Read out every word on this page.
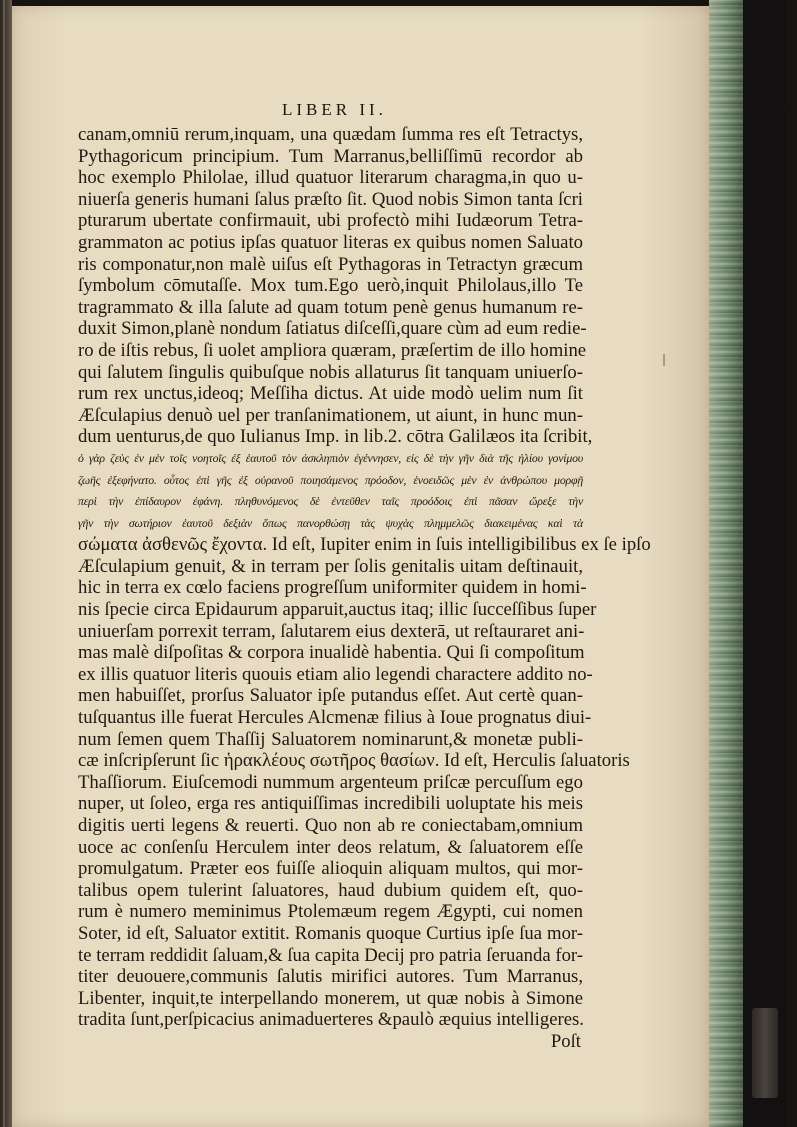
LIBER II.	781
canam,omniū rerum,inquam, una quædam ſumma res eſt Tetractys,
Pythagoricum principium. Tum Marranus,belliſſimū recordor ab
hoc exemplo Philolae, illud quatuor literarum charagma,in quo u-
niuerſa generis humani ſalus præſto ſit. Quod nobis Simon tanta ſcri
pturarum ubertate confirmauit, ubi profectò mihi Iudæorum Tetra-
grammaton ac potius ipſas quatuor literas ex quibus nomen Saluato
ris componatur,non malè uiſus eſt Pythagoras in Tetractyn græcum
ſymbolum cōmutaſſe. Mox tum.Ego uerò,inquit Philolaus,illo Te
tragrammato & illa ſalute ad quam totum penè genus humanum re-
duxit Simon,planè nondum ſatiatus diſceſſi,quare cùm ad eum redie-
ro de iſtis rebus, ſi uolet ampliora quæram, præſertim de illo homine
qui ſalutem ſingulis quibuſque nobis allaturus ſit tanquam uniuerſo-
rum rex unctus,ideoq; Meſſiha dictus. At uide modò uelim num ſit
Æſculapius denuò uel per tranſanimationem, ut aiunt, in hunc mun-
dum uenturus,de quo Iulianus Imp. in lib.2. cōtra Galilæos ita ſcribit,
ὁ γὰρ ζεὺς ἐν μὲν τοῖς νοητοῖς ἐξ ἑαυτοῦ τὸν ἀσκληπιὸν ἐγέννησεν, εἰς δὲ τὴν γῆν διὰ τῆς ἡλίου γονίμου
ζωῆς ἐξεφήνατο. οὗτος ἐπὶ γῆς ἐξ οὐρανοῦ ποιησάμενος πρόοδον, ἑνοειδῶς μὲν ἐν ἀνθρώπου μορφῇ
περὶ τὴν ἐπίδαυρον ἐφάνη. πληθυνόμενος δὲ ἐντεῦθεν ταῖς προόδοις ἐπὶ πᾶσαν ὤρεξε τὴν
γῆν τὴν σωτήριον ἑαυτοῦ δεξιὰν ὅπως πανορθώσῃ τὰς ψυχὰς πλημμελῶς διακειμένας καὶ τὰ
σώματα ἀσθενῶς ἔχοντα. Id eſt, Iupiter enim in ſuis intelligibilibus ex ſe ipſo
Æſculapium genuit, & in terram per ſolis genitalis uitam deſtinauit,
hic in terra ex cœlo faciens progreſſum uniformiter quidem in homi-
nis ſpecie circa Epidaurum apparuit,auctus itaq; illic ſucceſſibus ſuper
uniuerſam porrexit terram, ſalutarem eius dexterā, ut reſtauraret ani-
mas malè diſpoſitas & corpora inualidè habentia. Qui ſi compoſitum
ex illis quatuor literis quouis etiam alio legendi charactere addito no-
men habuiſſet, prorſus Saluator ipſe putandus eſſet. Aut certè quan-
tuſquantus ille fuerat Hercules Alcmenæ filius à Ioue prognatus diui-
num ſemen quem Thaſſij Saluatorem nominarunt,& monetæ publi-
cæ inſcripſerunt ſic ἡρακλέους σωτῆρος θασίων. Id eſt, Herculis ſaluatoris
Thaſſiorum. Eiuſcemodi nummum argenteum priſcæ percuſſum ego
nuper, ut ſoleo, erga res antiquiſſimas incredibili uoluptate his meis
digitis uerti legens & reuerti. Quo non ab re coniectabam,omnium
uoce ac conſenſu Herculem inter deos relatum, & ſaluatorem eſſe
promulgatum. Præter eos fuiſſe alioquin aliquam multos, qui mor-
talibus opem tulerint ſaluatores, haud dubium quidem eſt, quo-
rum è numero meminimus Ptolemæum regem Ægypti, cui nomen
Soter, id eſt, Saluator extitit. Romanis quoque Curtius ipſe ſua mor-
te terram reddidit ſaluam,& ſua capita Decij pro patria ſeruanda for-
titer deuouere,communis ſalutis mirifici autores. Tum Marranus,
Libenter, inquit,te interpellando monerem, ut quæ nobis à Simone
tradita ſunt,perſpicacius animaduerteres &paulò æquius intelligeres.
Poſt
